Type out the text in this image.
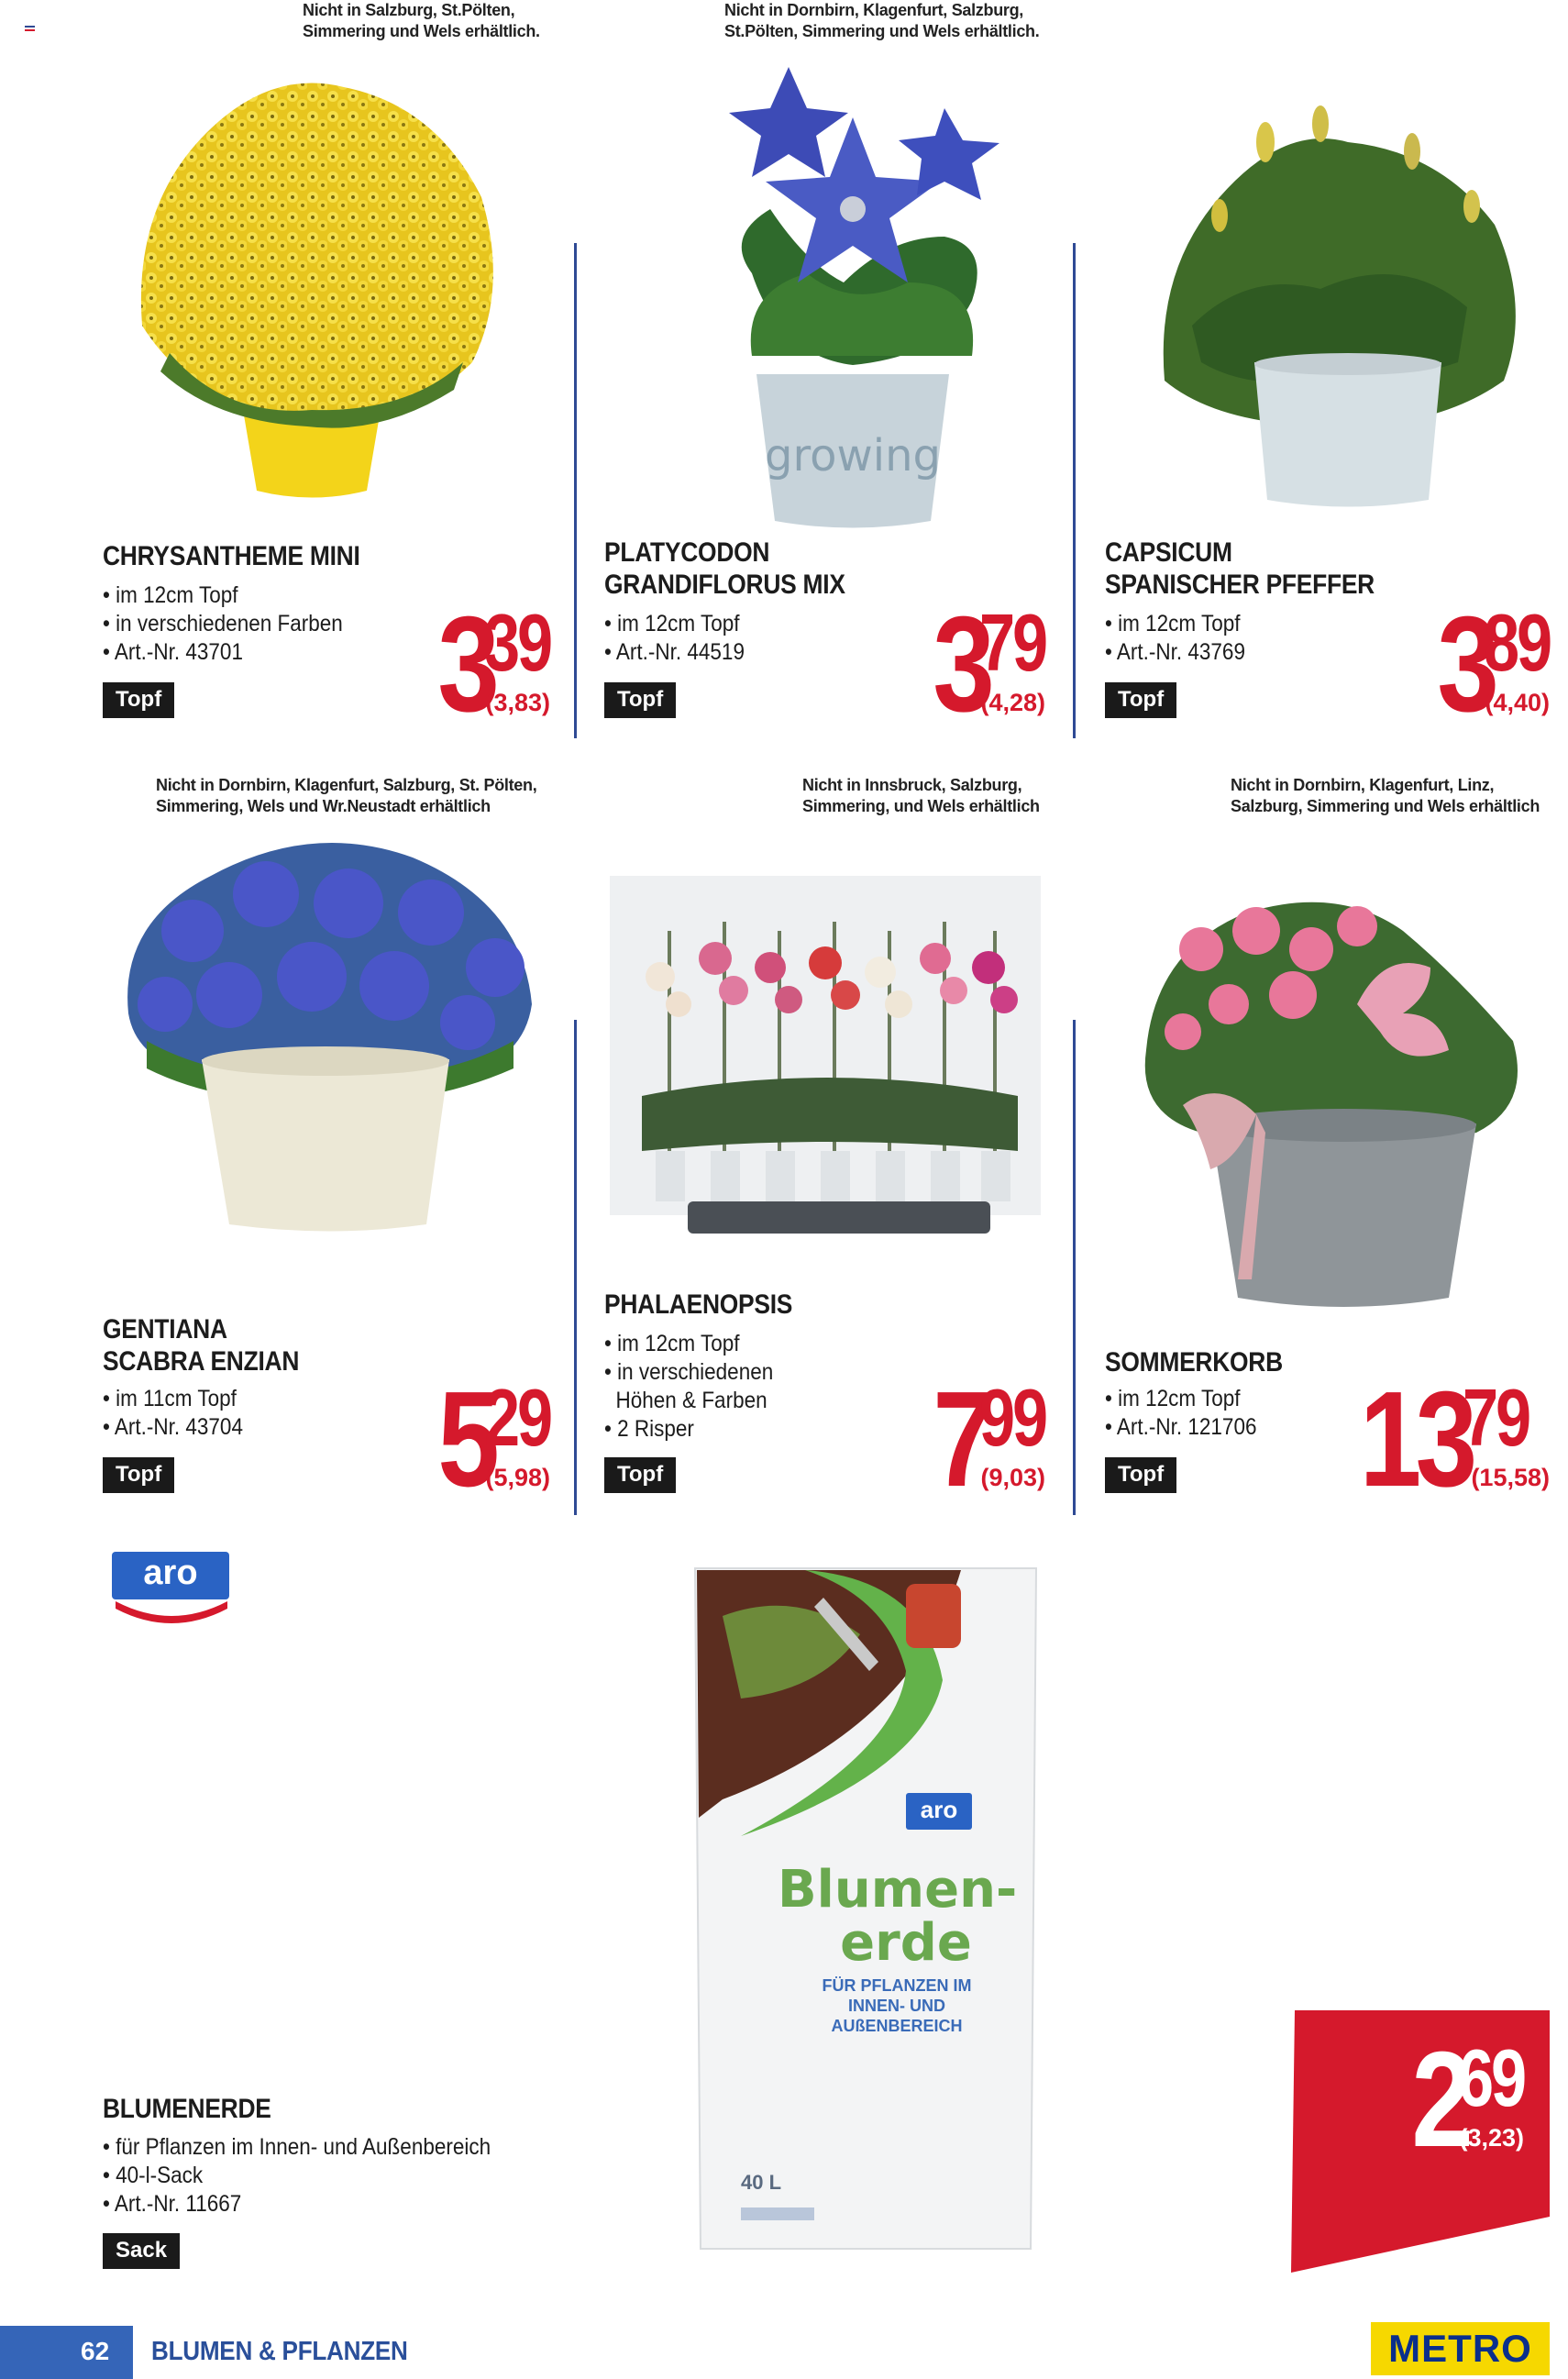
Nicht in Salzburg, St.Pölten,
Simmering und Wels erhältlich.
CHRYSANTHEME MINI
• im 12cm Topf
• in verschiedenen Farben
• Art.-Nr. 43701
Topf 3
39
(3,83)
Nicht in Dornbirn, Klagenfurt, Salzburg,
St.Pölten, Simmering und Wels erhältlich.
growing
PLATYCODON
GRANDIFLORUS MIX
• im 12cm Topf
• Art.-Nr. 44519
Topf 3
79
(4,28)
CAPSICUM
SPANISCHER PFEFFER
• im 12cm Topf
• Art.-Nr. 43769
Topf 3
89
(4,40)
Nicht in Dornbirn, Klagenfurt, Salzburg, St. Pölten,
Simmering, Wels und Wr.Neustadt erhältlich
GENTIANA
SCABRA ENZIAN
• im 11cm Topf
• Art.-Nr. 43704
Topf 5
29
(5,98)
Nicht in Innsbruck, Salzburg,
Simmering, und Wels erhältlich
PHALAENOPSIS
• im 12cm Topf
• in verschiedenen
Höhen & Farben
• 2 Risper
Topf 7
99
(9,03)
Nicht in Dornbirn, Klagenfurt, Linz,
Salzburg, Simmering und Wels erhältlich
SOMMERKORB
• im 12cm Topf
• Art.-Nr. 121706
Topf 13
79
(15,58)
aro
aro
Blumen-
erde
FÜR PFLANZEN IM
INNEN- UND
AUßENBEREICH
40 L
BLUMENERDE
• für Pflanzen im Innen- und Außenbereich
• 40-l-Sack
• Art.-Nr. 11667
Sack
2
69
(3,23)
62 BLUMEN & PFLANZEN	METRO
